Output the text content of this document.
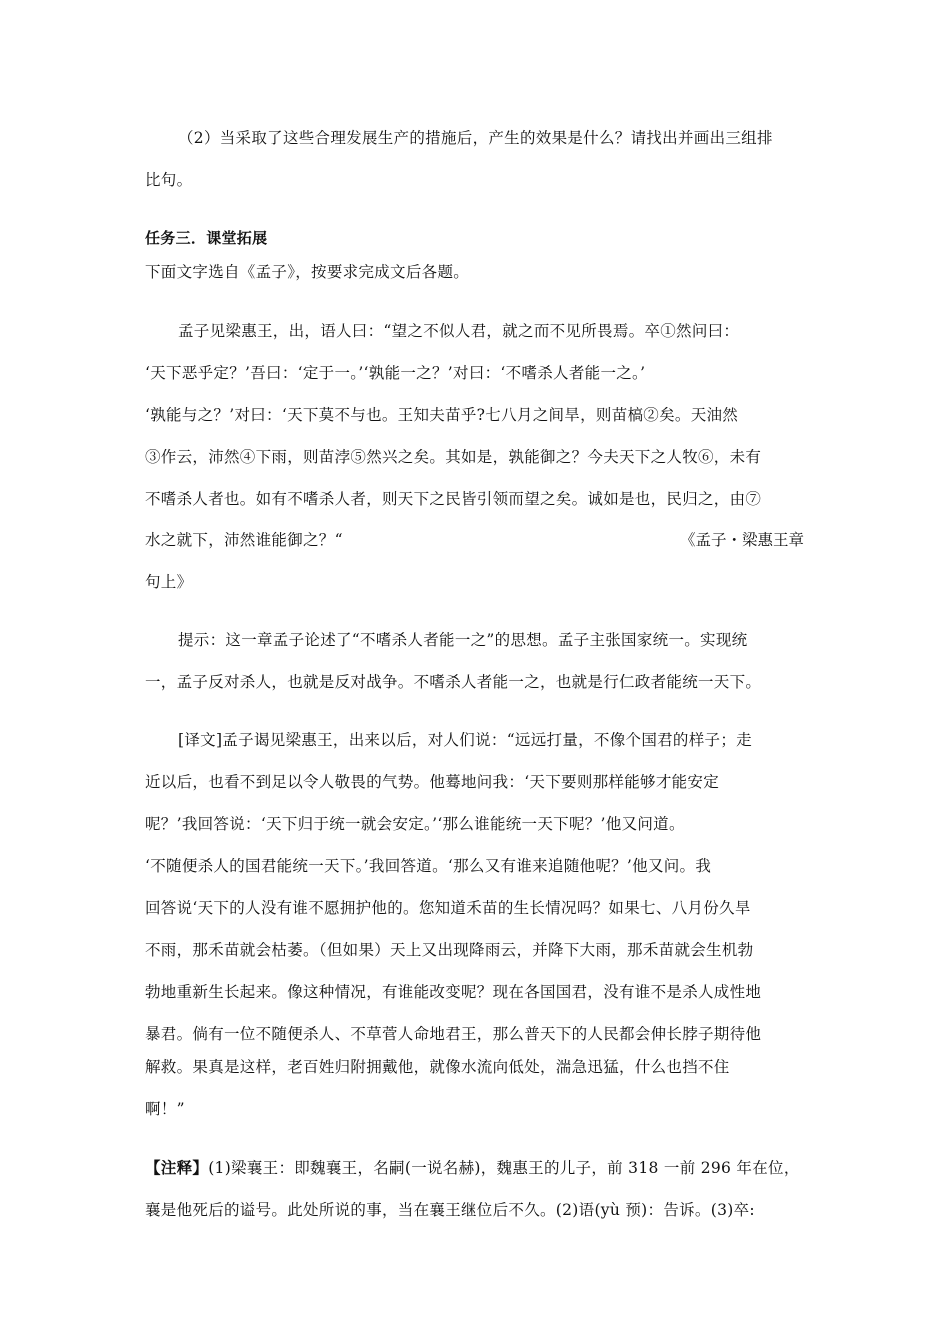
（2）当采取了这些合理发展生产的措施后，产生的效果是什么？请找出并画出三组排
比句。
任务三．课堂拓展
下面文字选自《孟子》，按要求完成文后各题。
孟子见梁惠王，出，语人曰：“望之不似人君，就之而不见所畏焉。卒①然问曰：
‘天下恶乎定？’吾曰：‘定于一。’‘孰能一之？’对曰：‘不嗜杀人者能一之。’
‘孰能与之？’对曰：‘天下莫不与也。王知夫苗乎?七八月之间旱，则苗槁②矣。天油然
③作云，沛然④下雨，则苗浡⑤然兴之矣。其如是，孰能御之？今夫天下之人牧⑥，未有
不嗜杀人者也。如有不嗜杀人者，则天下之民皆引领而望之矣。诚如是也，民归之，由⑦
水之就下，沛然谁能御之？“	《孟子・梁惠王章
句上》
提示：这一章孟子论述了“不嗜杀人者能一之”的思想。孟子主张国家统一。实现统
一，孟子反对杀人，也就是反对战争。不嗜杀人者能一之，也就是行仁政者能统一天下。
[译文]孟子谒见梁惠王，出来以后，对人们说：“远远打量，不像个国君的样子；走
近以后，也看不到足以令人敬畏的气势。他蓦地问我：‘天下要则那样能够才能安定
呢？’我回答说：‘天下归于统一就会安定。’‘那么谁能统一天下呢？’他又问道。
‘不随便杀人的国君能统一天下。’我回答道。‘那么又有谁来追随他呢？’他又问。我
回答说‘天下的人没有谁不愿拥护他的。您知道禾苗的生长情况吗？如果七、八月份久旱
不雨，那禾苗就会枯萎。（但如果）天上又出现降雨云，并降下大雨，那禾苗就会生机勃
勃地重新生长起来。像这种情况，有谁能改变呢？现在各国国君，没有谁不是杀人成性地
暴君。倘有一位不随便杀人、不草菅人命地君王，那么普天下的人民都会伸长脖子期待他
解救。果真是这样，老百姓归附拥戴他，就像水流向低处，湍急迅猛，什么也挡不住
啊！”
【注释】(1)梁襄王：即魏襄王，名嗣(一说名赫)，魏惠王的儿子，前 318 一前 296 年在位，
襄是他死后的谥号。此处所说的事，当在襄王继位后不久。(2)语(yù 预)：告诉。(3)卒:
